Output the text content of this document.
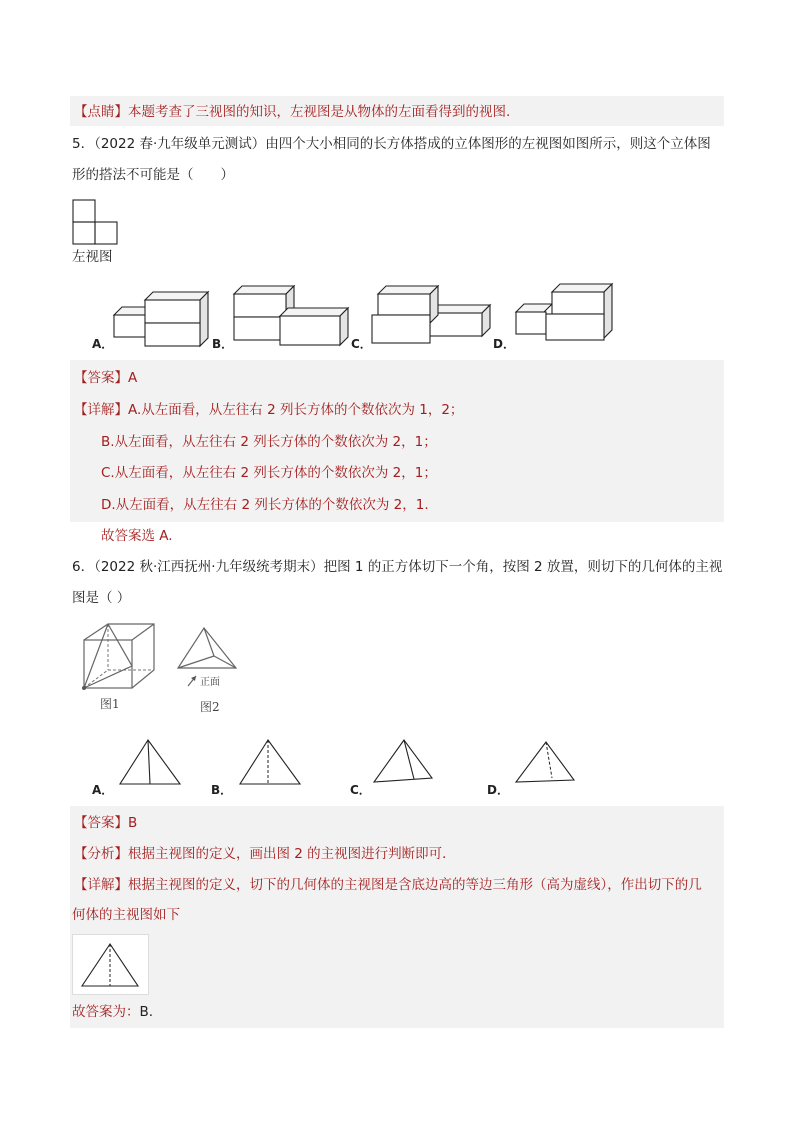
【点睛】本题考查了三视图的知识，左视图是从物体的左面看得到的视图.
5．（2022 春·九年级单元测试）由四个大小相同的长方体搭成的立体图形的左视图如图所示，则这个立体图
形的搭法不可能是（　　）
左视图
A．	B．	C．	D．
【答案】A
【详解】A.从左面看，从左往右 2 列长方体的个数依次为 1，2；
B.从左面看，从左往右 2 列长方体的个数依次为 2，1；
C.从左面看，从左往右 2 列长方体的个数依次为 2，1；
D.从左面看，从左往右 2 列长方体的个数依次为 2，1.
故答案选 A.
6．（2022 秋·江西抚州·九年级统考期末）把图 1 的正方体切下一个角，按图 2 放置，则切下的几何体的主视
图是（ ）
图1
正面
图2
A．	B．	C．	D．
【答案】B
【分析】根据主视图的定义，画出图 2 的主视图进行判断即可．
【详解】根据主视图的定义，切下的几何体的主视图是含底边高的等边三角形（高为虚线），作出切下的几
何体的主视图如下
故答案为：B.
